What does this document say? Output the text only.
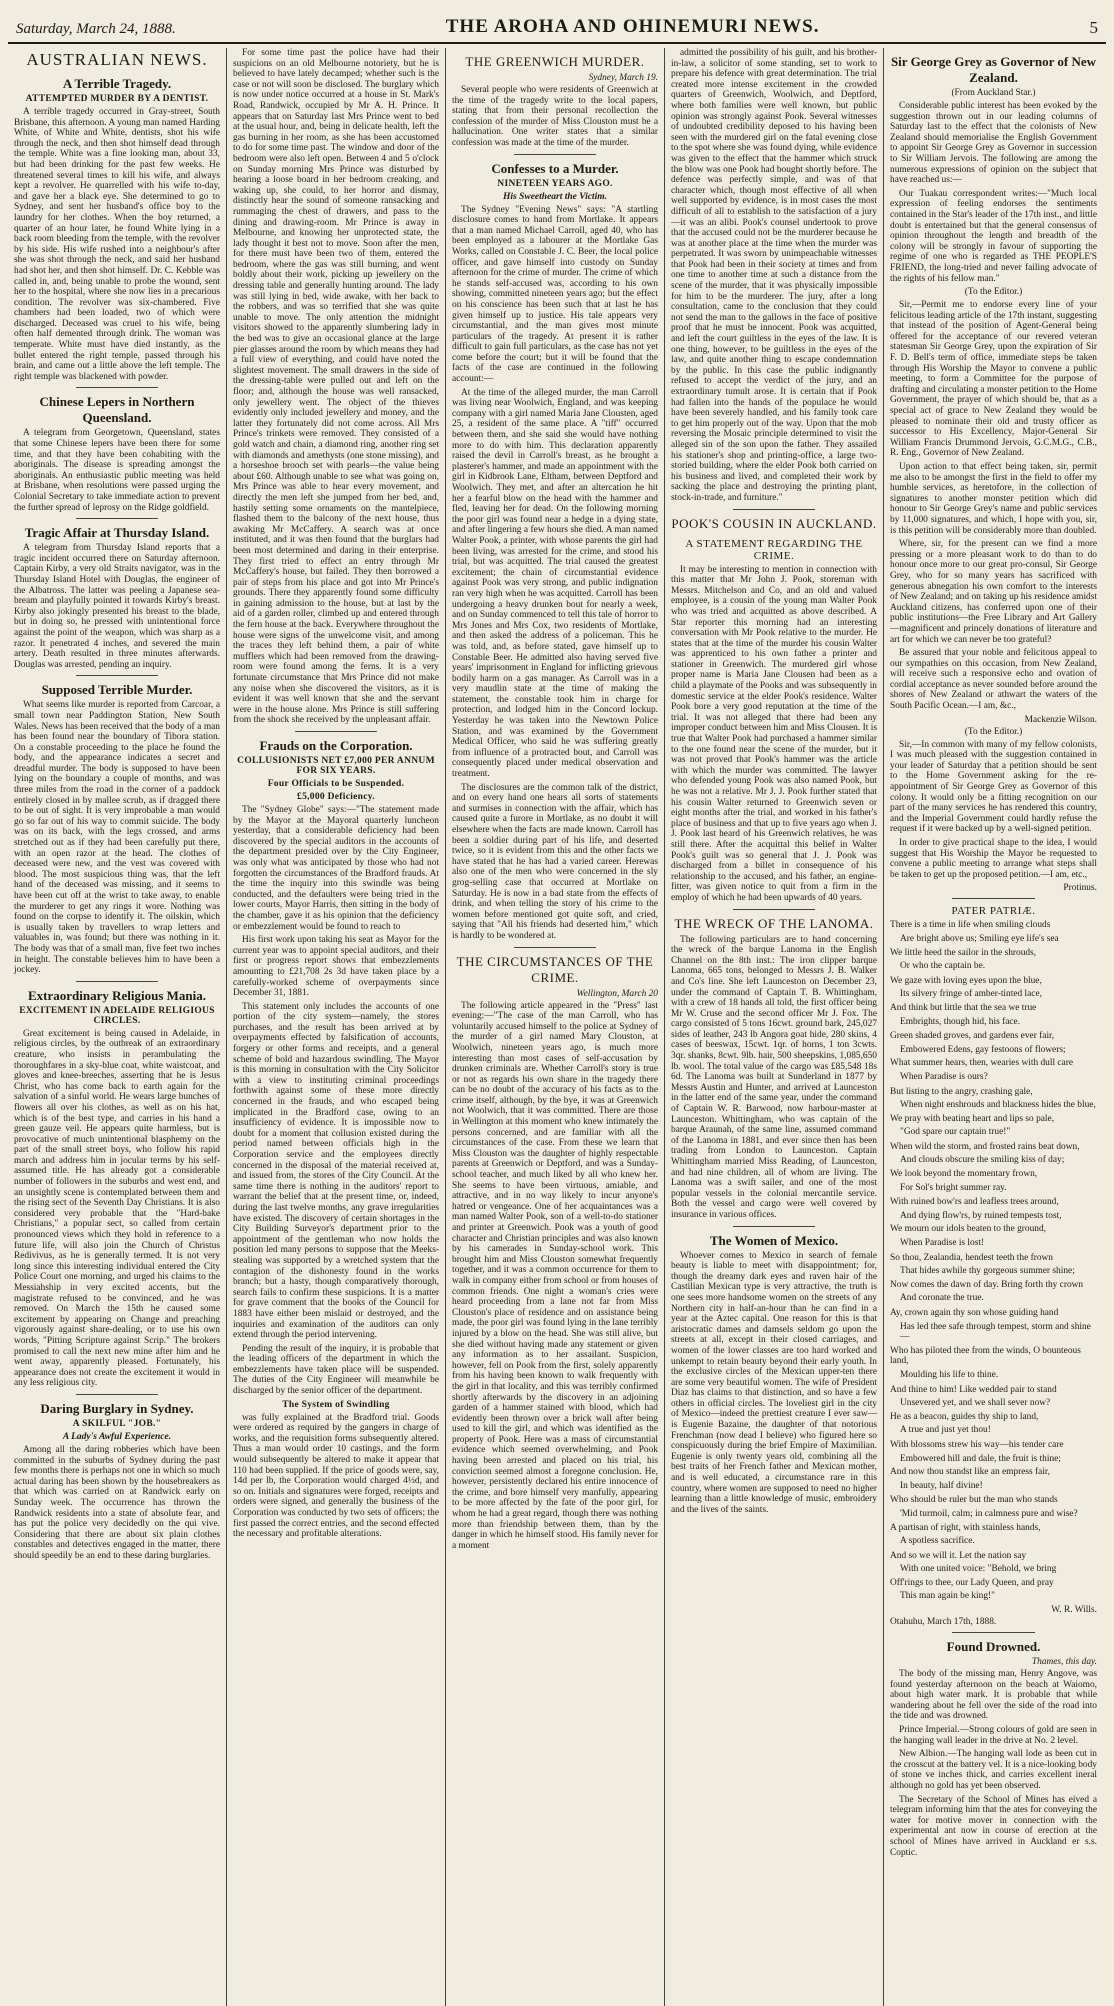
Saturday, March 24, 1888.	THE AROHA AND OHINEMURI NEWS.	5
AUSTRALIAN NEWS.
A Terrible Tragedy.
ATTEMPTED MURDER BY A DENTIST.

A terrible tragedy occurred in Gray-street, South Brisbane, this afternoon. A young man named Harding White, of White and White, dentists, shot his wife through the neck, and then shot himself dead through the temple. White was a fine looking man, about 33, but had been drinking for the past few weeks. He threatened several times to kill his wife, and always kept a revolver. He quarrelled with his wife to-day, and gave her a black eye. She determined to go to Sydney, and sent her husband's office boy to the laundry for her clothes. When the boy returned, a quarter of an hour later, he found White lying in a back room bleeding from the temple, with the revolver by his side. His wife rushed into a neighbour's after she was shot through the neck, and said her husband had shot her, and then shot himself. Dr. C. Kebble was called in, and, being unable to probe the wound, sent her to the hospital, where she now lies in a precarious condition. The revolver was six-chambered. Five chambers had been loaded, two of which were discharged. Deceased was cruel to his wife, being often half demented through drink. The woman was temperate. White must have died instantly, as the bullet entered the right temple, passed through his brain, and came out a little above the left temple. The right temple was blackened with powder.

Chinese Lepers in Northern Queensland.

A telegram from Georgetown, Queensland, states that some Chinese lepers have been there for some time, and that they have been cohabiting with the aboriginals. The disease is spreading amongst the aboriginals. An enthusiastic public meeting was held at Brisbane, when resolutions were passed urging the Colonial Secretary to take immediate action to prevent the further spread of leprosy on the Ridge goldfield.

Tragic Affair at Thursday Island.

A telegram from Thursday Island reports that a tragic incident occurred there on Saturday afternoon. Captain Kirby, a very old Straits navigator, was in the Thursday Island Hotel with Douglas, the engineer of the Albatross. The latter was peeling a Japanese sea-bream and playfully pointed it towards Kirby's breast. Kirby also jokingly presented his breast to the blade, but in doing so, he pressed with unintentional force against the point of the weapon, which was sharp as a razor. It penetrated 4 inches, and severed the main artery. Death resulted in three minutes afterwards. Douglas was arrested, pending an inquiry.

Supposed Terrible Murder.

What seems like murder is reported from Carcoar, a small town near Paddington Station, New South Wales. News has been received that the body of a man has been found near the boundary of Tibora station. On a constable proceeding to the place he found the body, and the appearance indicates a secret and dreadful murder. The body is supposed to have been lying on the boundary a couple of months, and was three miles from the road in the corner of a paddock entirely closed in by mallee scrub, as if dragged there to be out of sight. It is very improbable a man would go so far out of his way to commit suicide. The body was on its back, with the legs crossed, and arms stretched out as if they had been carefully put there, with an open razor at the head. The clothes of deceased were new, and the vest was covered with blood. The most suspicious thing was, that the left hand of the deceased was missing, and it seems to have been cut off at the wrist to take away, to enable the murderer to get any rings it wore. Nothing was found on the corpse to identify it. The oilskin, which is usually taken by travellers to wrap letters and valuables in, was found; but there was nothing in it. The body was that of a small man, five feet two inches in height. The constable believes him to have been a jockey.

Extraordinary Religious Mania.
EXCITEMENT IN ADELAIDE RELIGIOUS CIRCLES.

Great excitement is being caused in Adelaide, in religious circles, by the outbreak of an extraordinary creature, who insists in perambulating the thoroughfares in a sky-blue coat, white waistcoat, and gloves and knee-breeches, asserting that he is Jesus Christ, who has come back to earth again for the salvation of a sinful world. He wears large bunches of flowers all over his clothes, as well as on his hat, which is of the best type, and carries in his hand a green gauze veil. He appears quite harmless, but is provocative of much unintentional blasphemy on the part of the small street boys, who follow his rapid march and address him in jocular terms by his self-assumed title. He has already got a considerable number of followers in the suburbs and west end, and an unsightly scene is contemplated between them and the rising sect of the Seventh Day Christians. It is also considered very probable that the "Hard-bake Christians," a popular sect, so called from certain pronounced views which they hold in reference to a future life, will also join the Church of Christus Redivivus, as he is generally termed. It is not very long since this interesting individual entered the City Police Court one morning, and urged his claims to the Messiahship in very excited accents, but the magistrate refused to be convinced, and he was removed. On March the 15th he caused some excitement by appearing on Change and preaching vigorously against share-dealing, or to use his own words, "Pitting Scripture against Scrip." The brokers promised to call the next new mine after him and he went away, apparently pleased. Fortunately, his appearance does not create the excitement it would in any less religious city.

Daring Burglary in Sydney.
A SKILFUL "JOB."
A Lady's Awful Experience.

Among all the daring robberies which have been committed in the suburbs of Sydney during the past few months there is perhaps not one in which so much actual daring has been shown by the housebreakers as that which was carried on at Randwick early on Sunday week. The occurrence has thrown the Randwick residents into a state of absolute fear, and has put the police very decidedly on the qui vive. Considering that there are about six plain clothes constables and detectives engaged in the matter, there should speedily be an end to these daring burglaries.

For some time past the police have had their suspicions on an old Melbourne notoriety, but he is believed to have lately decamped; whether such is the case or not will soon be disclosed. The burglary which is now under notice occurred at a house in St. Mark's Road, Randwick, occupied by Mr A. H. Prince. It appears that on Saturday last Mrs Prince went to bed at the usual hour, and, being in delicate health, left the gas burning in her room, as she has been accustomed to do for some time past. The window and door of the bedroom were also left open. Between 4 and 5 o'clock on Sunday morning Mrs Prince was disturbed by hearing a loose board in her bedroom creaking, and waking up, she could, to her horror and dismay, distinctly hear the sound of someone ransacking and rummaging the chest of drawers, and pass to the dining and drawing-room. Mr Prince is away in Melbourne, and knowing her unprotected state, the lady thought it best not to move. Soon after the men, for there must have been two of them, entered the bedroom, where the gas was still burning, and went boldly about their work, picking up jewellery on the dressing table and generally hunting around. The lady was still lying in bed, wide awake, with her back to the robbers, and was so terrified that she was quite unable to move. The only attention the midnight visitors showed to the apparently slumbering lady in the bed was to give an occasional glance at the large pier glasses around the room by which means they had a full view of everything, and could have noted the slightest movement. The small drawers in the side of the dressing-table were pulled out and left on the floor; and, although the house was well ransacked, only jewellery went. The object of the thieves evidently only included jewellery and money, and the latter they fortunately did not come across. All Mrs Prince's trinkets were removed. They consisted of a gold watch and chain, a diamond ring, another ring set with diamonds and amethysts (one stone missing), and a horseshoe brooch set with pearls—the value being about £60. Although unable to see what was going on, Mrs Prince was able to hear every movement, and directly the men left she jumped from her bed, and, hastily setting some ornaments on the mantelpiece, flashed them to the balcony of the next house, thus awaking Mr McCaffery. A search was at once instituted, and it was then found that the burglars had been most determined and daring in their enterprise. They first tried to effect an entry through Mr McCaffery's house, but failed. They then borrowed a pair of steps from his place and got into Mr Prince's grounds. There they apparently found some difficulty in gaining admission to the house, but at last by the aid of a garden roller, climbed up and entered through the fern house at the back. Everywhere throughout the house were signs of the unwelcome visit, and among the traces they left behind them, a pair of white mufflers which had been removed from the drawing-room were found among the ferns. It is a very fortunate circumstance that Mrs Prince did not make any noise when she discovered the visitors, as it is evident it was well known that she and the servant were in the house alone. Mrs Prince is still suffering from the shock she received by the unpleasant affair.

Frauds on the Corporation.
COLLUSIONISTS NET £7,000 PER ANNUM FOR SIX YEARS.
Four Officials to be Suspended.
£5,000 Deficiency.

The "Sydney Globe" says:—"The statement made by the Mayor at the Mayoral quarterly luncheon yesterday, that a considerable deficiency had been discovered by the special auditors in the accounts of the department presided over by the City Engineer, was only what was anticipated by those who had not forgotten the circumstances of the Bradford frauds. At the time the inquiry into this swindle was being conducted, and the defaulters were being tried in the lower courts, Mayor Harris, then sitting in the body of the chamber, gave it as his opinion that the deficiency or embezzlement would be found to reach to

His first work upon taking his seat as Mayor for the current year was to appoint special auditors, and their first or progress report shows that embezzlements amounting to £21,708 2s 3d have taken place by a carefully-worked scheme of overpayments since December 31, 1881.

This statement only includes the accounts of one portion of the city system—namely, the stores purchases, and the result has been arrived at by overpayments effected by falsification of accounts, forgery or other forms and receipts, and a general scheme of bold and hazardous swindling. The Mayor is this morning in consultation with the City Solicitor with a view to instituting criminal proceedings forthwith against some of these more directly concerned in the frauds, and who escaped being implicated in the Bradford case, owing to an insufficiency of evidence. It is impossible now to doubt for a moment that collusion existed during the period named between officials high in the Corporation service and the employees directly concerned in the disposal of the material received at, and issued from, the stores of the City Council. At the same time there is nothing in the auditors' report to warrant the belief that at the present time, or, indeed, during the last twelve months, any grave irregularities have existed. The discovery of certain shortages in the City Building Surveyor's department prior to the appointment of the gentleman who now holds the position led many persons to suppose that the Meeks-stealing was supported by a wretched system that the contagion of the dishonesty found in the works branch; but a hasty, though comparatively thorough, search fails to confirm these suspicions. It is a matter for grave comment that the books of the Council for 1883 have either been mislaid or destroyed, and the inquiries and examination of the auditors can only extend through the period intervening.

Pending the result of the inquiry, it is probable that the leading officers of the department in which the embezzlements have taken place will be suspended. The duties of the City Engineer will meanwhile be discharged by the senior officer of the department.

The System of Swindling

was fully explained at the Bradford trial. Goods were ordered as required by the gangers in charge of works, and the requisition forms subsequently altered. Thus a man would order 10 castings, and the form would subsequently be altered to make it appear that 110 had been supplied. If the price of goods were, say, 14d per lb, the Corporation would charged 4½d, and so on. Initials and signatures were forged, receipts and orders were signed, and generally the business of the Corporation was conducted by two sets of officers; the first passed the correct entries, and the second effected the necessary and profitable alterations.

THE GREENWICH MURDER.
Sydney, March 19.

Several people who were residents of Greenwich at the time of the tragedy write to the local papers, stating that from their personal recollection the confession of the murder of Miss Clouston must be a hallucination. One writer states that a similar confession was made at the time of the murder.

Confesses to a Murder.
NINETEEN YEARS AGO.
His Sweetheart the Victim.

The Sydney "Evening News" says: "A startling disclosure comes to hand from Mortlake. It appears that a man named Michael Carroll, aged 40, who has been employed as a labourer at the Mortlake Gas Works, called on Constable J. C. Beer, the local police officer, and gave himself into custody on Sunday afternoon for the crime of murder. The crime of which he stands self-accused was, according to his own showing, committed nineteen years ago; but the effect on his conscience has been such that at last he has given himself up to justice. His tale appears very circumstantial, and the man gives most minute particulars of the tragedy. At present it is rather difficult to gain full particulars, as the case has not yet come before the court; but it will be found that the facts of the case are continued in the following account:—

At the time of the alleged murder, the man Carroll was living near Woolwich, England, and was keeping company with a girl named Maria Jane Clousten, aged 25, a resident of the same place. A "tiff" occurred between them, and she said she would have nothing more to do with him. This declaration apparently raised the devil in Carroll's breast, as he brought a plasterer's hammer, and made an appointment with the girl in Kidbrook Lane, Eltham, between Deptford and Woolwich. They met, and after an altercation he hit her a fearful blow on the head with the hammer and fled, leaving her for dead. On the following morning the poor girl was found near a hedge in a dying state, and after lingering a few hours she died. A man named Walter Pook, a printer, with whose parents the girl had been living, was arrested for the crime, and stood his trial, but was acquitted. The trial caused the greatest excitement; the chain of circumstantial evidence against Pook was very strong, and public indignation ran very high when he was acquitted. Carroll has been undergoing a heavy drunken bout for nearly a week, and on Sunday commenced to tell this tale of horror to Mrs Jones and Mrs Cox, two residents of Mortlake, and then asked the address of a policeman. This he was told, and, as before stated, gave himself up to Constable Beer. He admitted also having served five years' imprisonment in England for inflicting grievous bodily harm on a gas manager. As Carroll was in a very maudlin state at the time of making the statement, the constable took him in charge for protection, and lodged him in the Concord lockup. Yesterday he was taken into the Newtown Police Station, and was examined by the Government Medical Officer, who said he was suffering greatly from influence of a protracted bout, and Carroll was consequently placed under medical observation and treatment.

The disclosures are the common talk of the district, and on every hand one hears all sorts of statements and surmises in connection with the affair, which has caused quite a furore in Mortlake, as no doubt it will elsewhere when the facts are made known. Carroll has been a soldier during part of his life, and deserted twice, so it is evident from this and the other facts we have stated that he has had a varied career. Herewas also one of the men who were concerned in the sly grog-selling case that occurred at Mortlake on Saturday. He is now in a bad state from the effects of drink, and when telling the story of his crime to the women before mentioned got quite soft, and cried, saying that "All his friends had deserted him," which is hardly to be wondered at.

THE CIRCUMSTANCES OF THE CRIME.
Wellington, March 20

The following article appeared in the "Press" last evening:—"The case of the man Carroll, who has voluntarily accused himself to the police at Sydney of the murder of a girl named Mary Clouston, at Woolwich, nineteen years ago, is much more interesting than most cases of self-accusation by drunken criminals are. Whether Carroll's story is true or not as regards his own share in the tragedy there can be no doubt of the accuracy of his facts as to the crime itself, although, by the bye, it was at Greenwich not Woolwich, that it was committed. There are those in Wellington at this moment who knew intimately the persons concerned, and are familiar with all the circumstances of the case. From these we learn that Miss Clouston was the daughter of highly respectable parents at Greenwich or Deptford, and was a Sunday-school teacher, and much liked by all who knew her. She seems to have been virtuous, amiable, and attractive, and in no way likely to incur anyone's hatred or vengeance. One of her acquaintances was a man named Walter Pook, son of a well-to-do stationer and printer at Greenwich. Pook was a youth of good character and Christian principles and was also known by his camerades in Sunday-school work. This brought him and Miss Clouston somewhat frequently together, and it was a common occurrence for them to walk in company either from school or from houses of common friends. One night a woman's cries were heard proceeding from a lane not far from Miss Clouston's place of residence and on assistance being made, the poor girl was found lying in the lane terribly injured by a blow on the head. She was still alive, but she died without having made any statement or given any information as to her assailant. Suspicion, however, fell on Pook from the first, solely apparently from his having been known to walk frequently with the girl in that locality, and this was terribly confirmed shortly afterwards by the discovery in an adjoining garden of a hammer stained with blood, which had evidently been thrown over a brick wall after being used to kill the girl, and which was identified as the property of Pook. Here was a mass of circumstantial evidence which seemed overwhelming, and Pook having been arrested and placed on his trial, his conviction seemed almost a foregone conclusion. He, however, persistently declared his entire innocence of the crime, and bore himself very manfully, appearing to be more affected by the fate of the poor girl, for whom he had a great regard, though there was nothing more than friendship between them, than by the danger in which he himself stood. His family never for a moment

admitted the possibility of his guilt, and his brother-in-law, a solicitor of some standing, set to work to prepare his defence with great determination. The trial created more intense excitement in the crowded quarters of Greenwich, Woolwich, and Deptford, where both families were well known, but public opinion was strongly against Pook. Several witnesses of undoubted credibility deposed to his having been seen with the murdered girl on the fatal evening close to the spot where she was found dying, while evidence was given to the effect that the hammer which struck the blow was one Pook had bought shortly before. The defence was perfectly simple, and was of that character which, though most effective of all when well supported by evidence, is in most cases the most difficult of all to establish to the satisfaction of a jury—it was an alibi. Pook's counsel undertook to prove that the accused could not be the murderer because he was at another place at the time when the murder was perpetrated. It was sworn by unimpeachable witnesses that Pook had been in their society at times and from one time to another time at such a distance from the scene of the murder, that it was physically impossible for him to be the murderer. The jury, after a long consultation, came to the conclusion that they could not send the man to the gallows in the face of positive proof that he must be innocent. Pook was acquitted, and left the court guiltless in the eyes of the law. It is one thing, however, to be guiltless in the eyes of the law, and quite another thing to escape condemnation by the public. In this case the public indignantly refused to accept the verdict of the jury, and an extraordinary tumult arose. It is certain that if Pook had fallen into the hands of the populace he would have been severely handled, and his family took care to get him properly out of the way. Upon that the mob reversing the Mosaic principle determined to visit the alleged sin of the son upon the father. They assailed his stationer's shop and printing-office, a large two-storied building, where the elder Pook both carried on his business and lived, and completed their work by sacking the place and destroying the printing plant, stock-in-trade, and furniture."

POOK'S COUSIN IN AUCKLAND.
A STATEMENT REGARDING THE CRIME.

It may be interesting to mention in connection with this matter that Mr John J. Pook, storeman with Messrs. Mitchelson and Co, and an old and valued employee, is a cousin of the young man Walter Pook who was tried and acquitted as above described. A Star reporter this morning had an interesting conversation with Mr Pook relative to the murder. He states that at the time of the murder his cousin Walter was apprenticed to his own father a printer and stationer in Greenwich. The murdered girl whose proper name is Maria Jane Clousen had been as a child a playmate of the Pooks and was subsequently in domestic service at the elder Pook's residence. Walter Pook bore a very good reputation at the time of the trial. It was not alleged that there had been any improper conduct between him and Miss Clousen. It is true that Walter Pook had purchased a hammer similar to the one found near the scene of the murder, but it was not proved that Pook's hammer was the article with which the murder was committed. The lawyer who defended young Pook was also named Pook, but he was not a relative. Mr J. J. Pook further stated that his cousin Walter returned to Greenwich seven or eight months after the trial, and worked in his father's place of business and that up to five years ago when J. J. Pook last heard of his Greenwich relatives, he was still there. After the acquittal this belief in Walter Pook's guilt was so general that J. J. Pook was discharged from a billet in consequence of his relationship to the accused, and his father, an engine-fitter, was given notice to quit from a firm in the employ of which he had been upwards of 40 years.

THE WRECK OF THE LANOMA.

The following particulars are to hand concerning the wreck of the barque Lanoma in the English Channel on the 8th inst.: The iron clipper barque Lanoma, 665 tons, belonged to Messrs J. B. Walker and Co's line. She left Launceston on December 23, under the command of Captain T. B. Whittingham, with a crew of 18 hands all told, the first officer being Mr W. Cruse and the second officer Mr J. Fox. The cargo consisted of 5 tons 16cwt. ground bark, 245,027 sides of leather, 243 lb Angora goat hide, 280 skins, 4 cases of beeswax, 15cwt. 1qr. of horns, 1 ton 3cwts. 3qr. shanks, 8cwt. 9lb. hair, 500 sheepskins, 1,085,650 lb. wool. The total value of the cargo was £85,548 18s 6d. The Lanoma was built at Sunderland in 1877 by Messrs Austin and Hunter, and arrived at Launceston in the latter end of the same year, under the command of Captain W. R. Barwood, now harbour-master at Launceston. Whittingham, who was captain of the barque Araunah, of the same line, assumed command of the Lanoma in 1881, and ever since then has been trading from London to Launceston. Captain Whittingham married Miss Reading, of Launceston, and had nine children, all of whom are living. The Lanoma was a swift sailer, and one of the most popular vessels in the colonial mercantile service. Both the vessel and cargo were well covered by insurance in various offices.

The Women of Mexico.

Whoever comes to Mexico in search of female beauty is liable to meet with disappointment; for, though the dreamy dark eyes and raven hair of the Castilian Mexican type is very attractive, the truth is one sees more handsome women on the streets of any Northern city in half-an-hour than he can find in a year at the Aztec capital. One reason for this is that aristocratic dames and damsels seldom go upon the streets at all, except in their closed carriages, and women of the lower classes are too hard worked and unkempt to retain beauty beyond their early youth. In the exclusive circles of the Mexican upper-ten there are some very beautiful women. The wife of President Diaz has claims to that distinction, and so have a few others in official circles. The loveliest girl in the city of Mexico—indeed the prettiest creature I ever saw—is Eugenie Bazaine, the daughter of that notorious Frenchman (now dead I believe) who figured here so conspicuously during the brief Empire of Maximilian. Eugenie is only twenty years old, combining all the best traits of her French father and Mexican mother, and is well educated, a circumstance rare in this country, where women are supposed to need no higher learning than a little knowledge of music, embroidery and the lives of the saints.

Sir George Grey as Governor of New Zealand.
(From Auckland Star.)

Considerable public interest has been evoked by the suggestion thrown out in our leading columns of Saturday last to the effect that the colonists of New Zealand should memorialise the English Government to appoint Sir George Grey as Governor in succession to Sir William Jervois. The following are among the numerous expressions of opinion on the subject that have reached us:—

Our Tuakau correspondent writes:—"Much local expression of feeling endorses the sentiments contained in the Star's leader of the 17th inst., and little doubt is entertained but that the general consensus of opinion throughout the length and breadth of the colony will be strongly in favour of supporting the regime of one who is regarded as THE PEOPLE'S FRIEND, the long-tried and never failing advocate of the rights of his fellow man."

(To the Editor.)

Sir,—Permit me to endorse every line of your felicitous leading article of the 17th instant, suggesting that instead of the position of Agent-General being offered for the acceptance of our revered veteran statesman Sir George Grey, upon the expiration of Sir F. D. Bell's term of office, immediate steps be taken through His Worship the Mayor to convene a public meeting, to form a Committee for the purpose of drafting and circulating a monster petition to the Home Government, the prayer of which should be, that as a special act of grace to New Zealand they would be pleased to nominate their old and trusty officer as successor to His Excellency, Major-General Sir William Francis Drummond Jervois, G.C.M.G., C.B., R. Eng., Governor of New Zealand.

Upon action to that effect being taken, sir, permit me also to be amongst the first in the field to offer my humble services, as heretofore, in the collection of signatures to another monster petition which did honour to Sir George Grey's name and public services by 11,000 signatures, and which, I hope with you, sir, is this petition will be considerably more than doubled.

Where, sir, for the present can we find a more pressing or a more pleasant work to do than to do honour once more to our great pro-consul, Sir George Grey, who for so many years has sacrificed with generous abnegation his own comfort to the interests of New Zealand; and on taking up his residence amidst Auckland citizens, has conferred upon one of their public institutions—the Free Library and Art Gallery—magnificent and princely donations of literature and art for which we can never be too grateful?

Be assured that your noble and felicitous appeal to our sympathies on this occasion, from New Zealand, will receive such a responsive echo and ovation of cordial acceptance as never sounded before around the shores of New Zealand or athwart the waters of the South Pacific Ocean.—I am, &c.,

Mackenzie Wilson.
(To the Editor.)

Sir,—In common with many of my fellow colonists, I was much pleased with the suggestion contained in your leader of Saturday that a petition should be sent to the Home Government asking for the re-appointment of Sir George Grey as Governor of this colony. It would only be a fitting recognition on our part of the many services he has rendered this country, and the Imperial Government could hardly refuse the request if it were backed up by a well-signed petition.

In order to give practical shape to the idea, I would suggest that His Worship the Mayor be requested to convene a public meeting to arrange what steps shall be taken to get up the proposed petition.—I am, etc.,

Protinus.
PATER PATRIÆ.

There is a time in life when smiling clouds

Are bright above us; Smiling eye life's sea

We little heed the sailor in the shrouds,

Or who the captain be.

We gaze with loving eyes upon the blue,

Its silvery fringe of amber-tinted lace,

And think but little that the sea we true

Embrights, though hid, his face.

Green shaded groves, and gardens ever fair,

Embowered Edens, gay festoons of flowers;

What summer hears, then, wearies with dull care

When Paradise is ours?

But listing to the angry, crashing gale,

When night enshrouds and blackness hides the blue,

We pray with beating heart and lips so pale,

"God spare our captain true!"

When wild the storm, and frosted rains beat down,

And clouds obscure the smiling kiss of day;

We look beyond the momentary frown,

For Sol's bright summer ray.

With ruined bow'rs and leafless trees around,

And dying flow'rs, by ruined tempests tost,

We mourn our idols beaten to the ground,

When Paradise is lost!

So thou, Zealandia, hendest teeth the frown

That hides awhile thy gorgeous summer shine;

Now comes the dawn of day. Bring forth thy crown

And coronate the true.

Ay, crown again thy son whose guiding hand

Has led thee safe through tempest, storm and shine—

Who has piloted thee from the winds, O bounteous land,

Moulding his life to thine.

And thine to him! Like wedded pair to stand

Unsevered yet, and we shall sever now?

He as a beacon, guides thy ship to land,

A true and just yet thou!

With blossoms strew his way—his tender care

Embowered hill and dale, the fruit is thine;

And now thou standst like an empress fair,

In beauty, half divine!

Who should be ruler but the man who stands

'Mid turmoil, calm; in calmness pure and wise?

A partisan of right, with stainless hands,

A spotless sacrifice.

And so we will it. Let the nation say

With one united voice: "Behold, we bring

Off'rings to thee, our Lady Queen, and pray

This man again be king!"

W. R. Wills.
Otahuhu, March 17th, 1888.
Found Drowned.
Thames, this day.

The body of the missing man, Henry Angove, was found yesterday afternoon on the beach at Waiomo, about high water mark. It is probable that while wandering about he fell over the side of the road into the tide and was drowned.

Prince Imperial.—Strong colours of gold are seen in the hanging wall leader in the drive at No. 2 level.

New Albion.—The hanging wall lode as been cut in the crosscut at the battery vel. It is a nice-looking body of stone ve inches thick, and carries excellent ineral although no gold has yet been observed.

The Secretary of the School of Mines has eived a telegram informing him that the ates for conveying the water for motive mover in connection with the experimental ant now in course of erection at the school of Mines have arrived in Auckland er s.s. Coptic.
